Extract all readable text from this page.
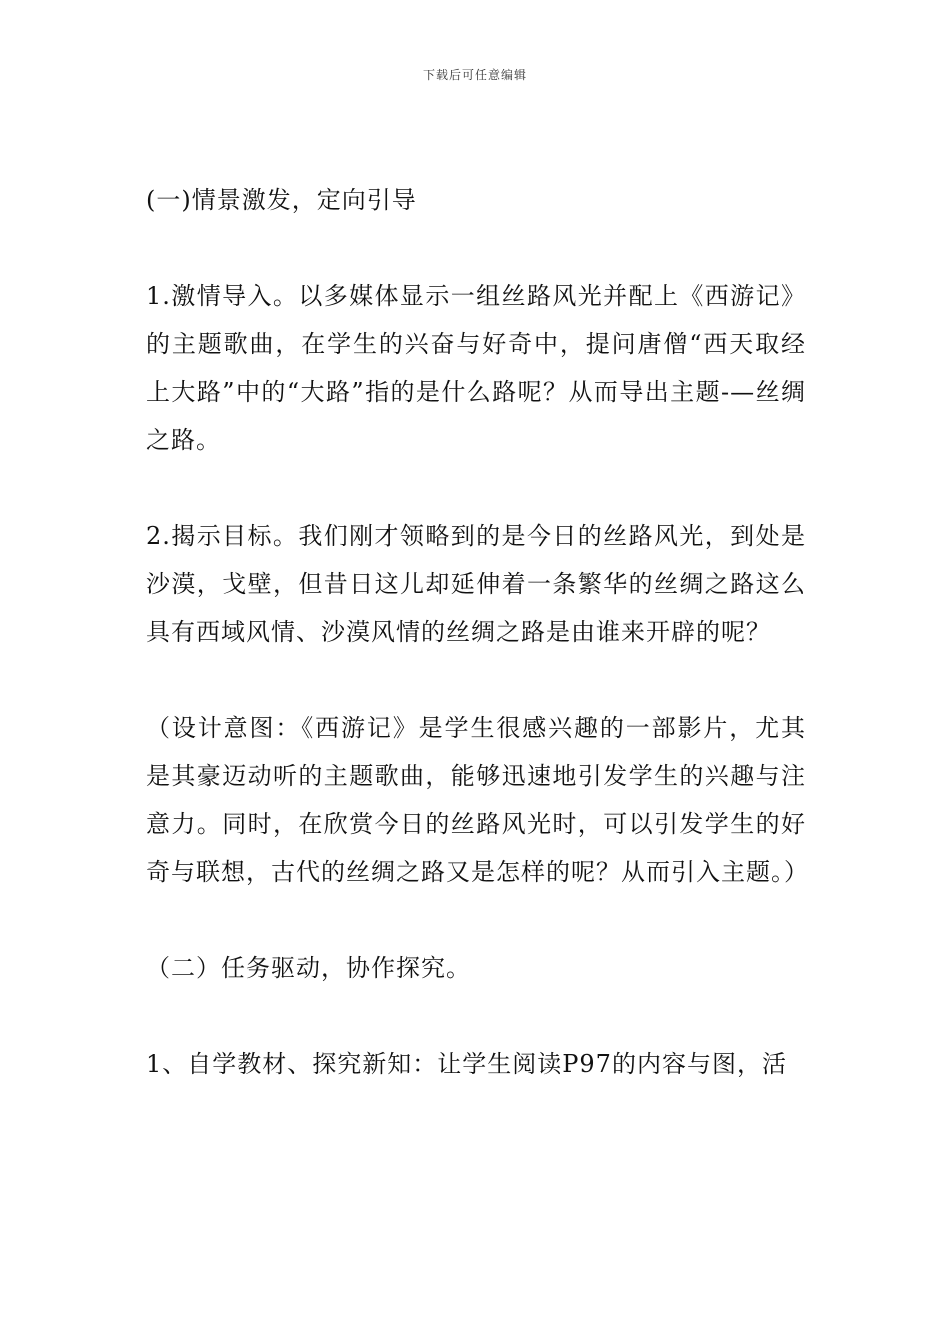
下载后可任意编辑
(一)情景激发，定向引导
1.激情导入。以多媒体显示一组丝路风光并配上《西游记》的主题歌曲，在学生的兴奋与好奇中，提问唐僧“西天取经上大路”中的“大路”指的是什么路呢？从而导出主题-—丝绸之路。
2.揭示目标。我们刚才领略到的是今日的丝路风光，到处是沙漠，戈壁，但昔日这儿却延伸着一条繁华的丝绸之路这么具有西域风情、沙漠风情的丝绸之路是由谁来开辟的呢？
（设计意图：《西游记》是学生很感兴趣的一部影片，尤其是其豪迈动听的主题歌曲，能够迅速地引发学生的兴趣与注意力。同时，在欣赏今日的丝路风光时，可以引发学生的好奇与联想，古代的丝绸之路又是怎样的呢？从而引入主题。）
（二）任务驱动，协作探究。
1、自学教材、探究新知：让学生阅读P97的内容与图，活
